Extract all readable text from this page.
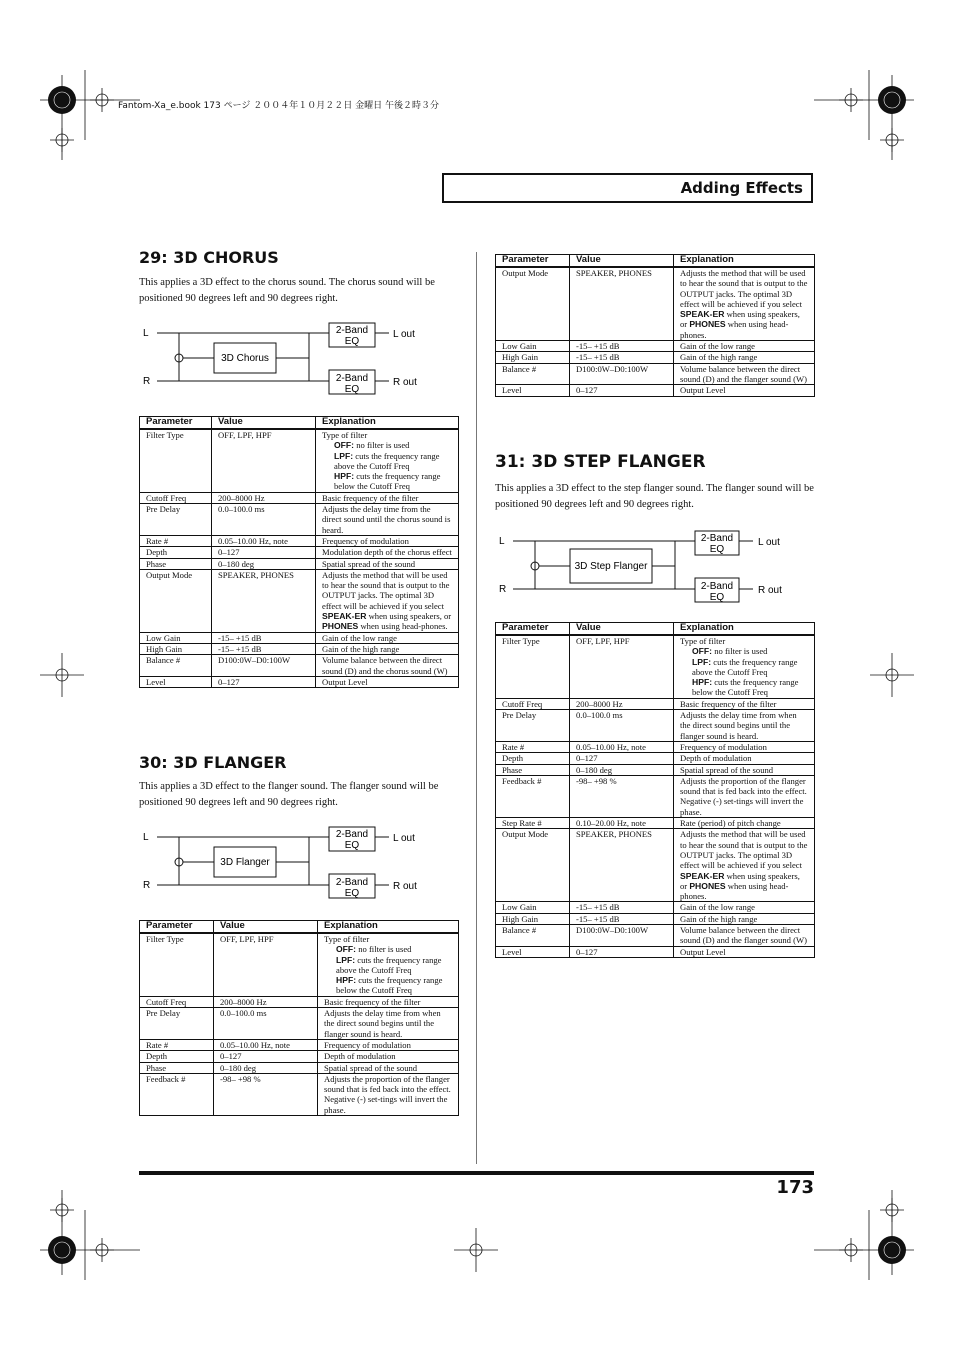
Fantom-Xa_e.book 173 ページ ２００４年１０月２２日 金曜日 午後２時３分
Adding Effects
29: 3D CHORUS

This applies a 3D effect to the chorus sound. The chorus sound will be positioned 90 degrees left and 90 degrees right.

L
R
3D Chorus
2-Band
EQ
2-Band
EQ
L out
R out
Parameter	Value	Explanation
Filter Type	OFF, LPF, HPF	Type of filter
OFF: no filter is used
LPF: cuts the frequency range above the Cutoff Freq
HPF: cuts the frequency range below the Cutoff Freq

Cutoff Freq	200–8000 Hz	Basic frequency of the filter

Pre Delay	0.0–100.0 ms	Adjusts the delay time from the direct sound until the chorus sound is heard.

Rate #	0.05–10.00 Hz, note	Frequency of modulation

Depth	0–127	Modulation depth of the chorus effect

Phase	0–180 deg	Spatial spread of the sound

Output Mode	SPEAKER, PHONES	Adjusts the method that will be used to hear the sound that is output to the OUTPUT jacks. The optimal 3D effect will be achieved if you select SPEAK-ER when using speakers, or PHONES when using head-phones.
Low Gain	-15– +15 dB	Gain of the low range

High Gain	-15– +15 dB	Gain of the high range

Balance #	D100:0W–D0:100W	Volume balance between the direct sound (D) and the chorus sound (W)

Level	0–127	Output Level
30: 3D FLANGER

This applies a 3D effect to the flanger sound. The flanger sound will be positioned 90 degrees left and 90 degrees right.

L
R
3D Flanger
2-Band
EQ
2-Band
EQ
L out
R out
Parameter	Value	Explanation
Filter Type	OFF, LPF, HPF	Type of filter
OFF: no filter is used
LPF: cuts the frequency range above the Cutoff Freq
HPF: cuts the frequency range below the Cutoff Freq

Cutoff Freq	200–8000 Hz	Basic frequency of the filter

Pre Delay	0.0–100.0 ms	Adjusts the delay time from when the direct sound begins until the flanger sound is heard.

Rate #	0.05–10.00 Hz, note	Frequency of modulation

Depth	0–127	Depth of modulation

Phase	0–180 deg	Spatial spread of the sound

Feedback #	-98– +98 %	Adjusts the proportion of the flanger sound that is fed back into the effect. Negative (-) set-tings will invert the phase.
Parameter	Value	Explanation
Output Mode	SPEAKER, PHONES	Adjusts the method that will be used to hear the sound that is output to the OUTPUT jacks. The optimal 3D effect will be achieved if you select SPEAK-ER when using speakers, or PHONES when using head-phones.
Low Gain	-15– +15 dB	Gain of the low range

High Gain	-15– +15 dB	Gain of the high range

Balance #	D100:0W–D0:100W	Volume balance between the direct sound (D) and the flanger sound (W)

Level	0–127	Output Level
31: 3D STEP FLANGER

This applies a 3D effect to the step flanger sound. The flanger sound will be positioned 90 degrees left and 90 degrees right.

L
R
3D Step Flanger
2-Band
EQ
2-Band
EQ
L out
R out
Parameter	Value	Explanation
Filter Type	OFF, LPF, HPF	Type of filter
OFF: no filter is used
LPF: cuts the frequency range above the Cutoff Freq
HPF: cuts the frequency range below the Cutoff Freq

Cutoff Freq	200–8000 Hz	Basic frequency of the filter

Pre Delay	0.0–100.0 ms	Adjusts the delay time from when the direct sound begins until the flanger sound is heard.

Rate #	0.05–10.00 Hz, note	Frequency of modulation

Depth	0–127	Depth of modulation

Phase	0–180 deg	Spatial spread of the sound

Feedback #	-98– +98 %	Adjusts the proportion of the flanger sound that is fed back into the effect. Negative (-) set-tings will invert the phase.

Step Rate #	0.10–20.00 Hz, note	Rate (period) of pitch change

Output Mode	SPEAKER, PHONES	Adjusts the method that will be used to hear the sound that is output to the OUTPUT jacks. The optimal 3D effect will be achieved if you select SPEAK-ER when using speakers, or PHONES when using head-phones.
Low Gain	-15– +15 dB	Gain of the low range

High Gain	-15– +15 dB	Gain of the high range

Balance #	D100:0W–D0:100W	Volume balance between the direct sound (D) and the flanger sound (W)

Level	0–127	Output Level
173
